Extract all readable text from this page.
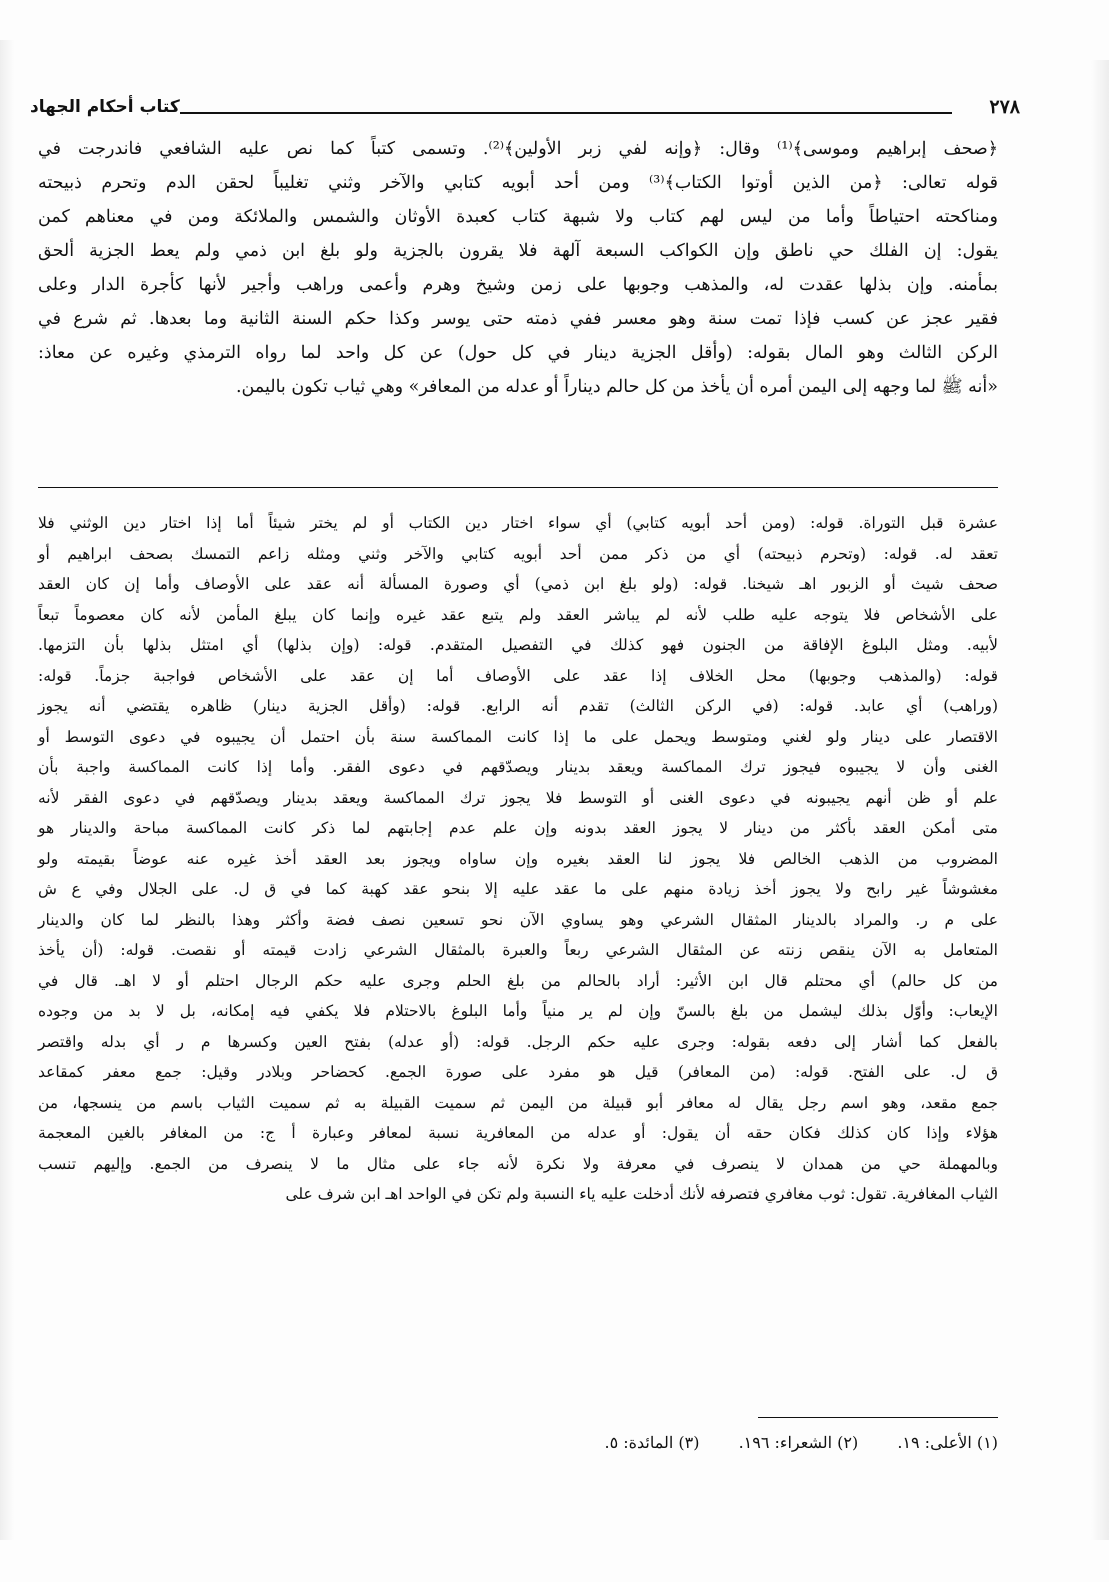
٢٧٨
كتاب أحكام الجهاد
﴿صحف إبراهيم وموسى﴾⁽¹⁾ وقال: ﴿وإنه لفي زبر الأولين﴾⁽²⁾. وتسمى كتباً كما نص عليه الشافعي فاندرجت في
قوله تعالى: ﴿من الذين أوتوا الكتاب﴾⁽³⁾ ومن أحد أبويه كتابي والآخر وثني تغليباً لحقن الدم وتحرم ذبيحته
ومناكحته احتياطاً وأما من ليس لهم كتاب ولا شبهة كتاب كعبدة الأوثان والشمس والملائكة ومن في معناهم كمن
يقول: إن الفلك حي ناطق وإن الكواكب السبعة آلهة فلا يقرون بالجزية ولو بلغ ابن ذمي ولم يعط الجزية ألحق
بمأمنه. وإن بذلها عقدت له، والمذهب وجوبها على زمن وشيخ وهرم وأعمى وراهب وأجير لأنها كأجرة الدار وعلى
فقير عجز عن كسب فإذا تمت سنة وهو معسر ففي ذمته حتى يوسر وكذا حكم السنة الثانية وما بعدها. ثم شرع في
الركن الثالث وهو المال بقوله: (وأقل الجزية دينار في كل حول) عن كل واحد لما رواه الترمذي وغيره عن معاذ:
«أنه ﷺ لما وجهه إلى اليمن أمره أن يأخذ من كل حالم ديناراً أو عدله من المعافر» وهي ثياب تكون باليمن.
عشرة قبل التوراة. قوله: (ومن أحد أبويه كتابي) أي سواء اختار دين الكتاب أو لم يختر شيئاً أما إذا اختار دين الوثني فلا
تعقد له. قوله: (وتحرم ذبيحته) أي من ذكر ممن أحد أبويه كتابي والآخر وثني ومثله زاعم التمسك بصحف ابراهيم أو
صحف شيث أو الزبور اهـ شيخنا. قوله: (ولو بلغ ابن ذمي) أي وصورة المسألة أنه عقد على الأوصاف وأما إن كان العقد
على الأشخاص فلا يتوجه عليه طلب لأنه لم يباشر العقد ولم يتبع عقد غيره وإنما كان يبلغ المأمن لأنه كان معصوماً تبعاً
لأبيه. ومثل البلوغ الإفاقة من الجنون فهو كذلك في التفصيل المتقدم. قوله: (وإن بذلها) أي امتثل بذلها بأن التزمها.
قوله: (والمذهب وجوبها) محل الخلاف إذا عقد على الأوصاف أما إن عقد على الأشخاص فواجبة جزماً. قوله:
(وراهب) أي عابد. قوله: (في الركن الثالث) تقدم أنه الرابع. قوله: (وأقل الجزية دينار) ظاهره يقتضي أنه يجوز
الاقتصار على دينار ولو لغني ومتوسط ويحمل على ما إذا كانت المماكسة سنة بأن احتمل أن يجيبوه في دعوى التوسط أو
الغنى وأن لا يجيبوه فيجوز ترك المماكسة ويعقد بدينار ويصدّقهم في دعوى الفقر. وأما إذا كانت المماكسة واجبة بأن
علم أو ظن أنهم يجيبونه في دعوى الغنى أو التوسط فلا يجوز ترك المماكسة ويعقد بدينار ويصدّقهم في دعوى الفقر لأنه
متى أمكن العقد بأكثر من دينار لا يجوز العقد بدونه وإن علم عدم إجابتهم لما ذكر كانت المماكسة مباحة والدينار هو
المضروب من الذهب الخالص فلا يجوز لنا العقد بغيره وإن ساواه ويجوز بعد العقد أخذ غيره عنه عوضاً بقيمته ولو
مغشوشاً غير رابح ولا يجوز أخذ زيادة منهم على ما عقد عليه إلا بنحو عقد كهبة كما في ق ل. على الجلال وفي ع ش
على م ر. والمراد بالدينار المثقال الشرعي وهو يساوي الآن نحو تسعين نصف فضة وأكثر وهذا بالنظر لما كان والدينار
المتعامل به الآن ينقص زنته عن المثقال الشرعي ربعاً والعبرة بالمثقال الشرعي زادت قيمته أو نقصت. قوله: (أن يأخذ
من كل حالم) أي محتلم قال ابن الأثير: أراد بالحالم من بلغ الحلم وجرى عليه حكم الرجال احتلم أو لا اهـ. قال في
الإيعاب: وأوّل بذلك ليشمل من بلغ بالسنّ وإن لم ير منياً وأما البلوغ بالاحتلام فلا يكفي فيه إمكانه، بل لا بد من وجوده
بالفعل كما أشار إلى دفعه بقوله: وجرى عليه حكم الرجل. قوله: (أو عدله) بفتح العين وكسرها م ر أي بدله واقتصر
ق ل. على الفتح. قوله: (من المعافر) قيل هو مفرد على صورة الجمع. كحضاحر وبلادر وقيل: جمع معفر كمقاعد
جمع مقعد، وهو اسم رجل يقال له معافر أبو قبيلة من اليمن ثم سميت القبيلة به ثم سميت الثياب باسم من ينسجها، من
هؤلاء وإذا كان كذلك فكان حقه أن يقول: أو عدله من المعافرية نسبة لمعافر وعبارة أ ج: من المغافر بالغين المعجمة
وبالمهملة حي من همدان لا ينصرف في معرفة ولا نكرة لأنه جاء على مثال ما لا ينصرف من الجمع. وإليهم تنسب
الثياب المغافرية. تقول: ثوب مغافري فتصرفه لأنك أدخلت عليه ياء النسبة ولم تكن في الواحد اهـ ابن شرف على
(١) الأعلى: ١٩. (٢) الشعراء: ١٩٦. (٣) المائدة: ٥.
